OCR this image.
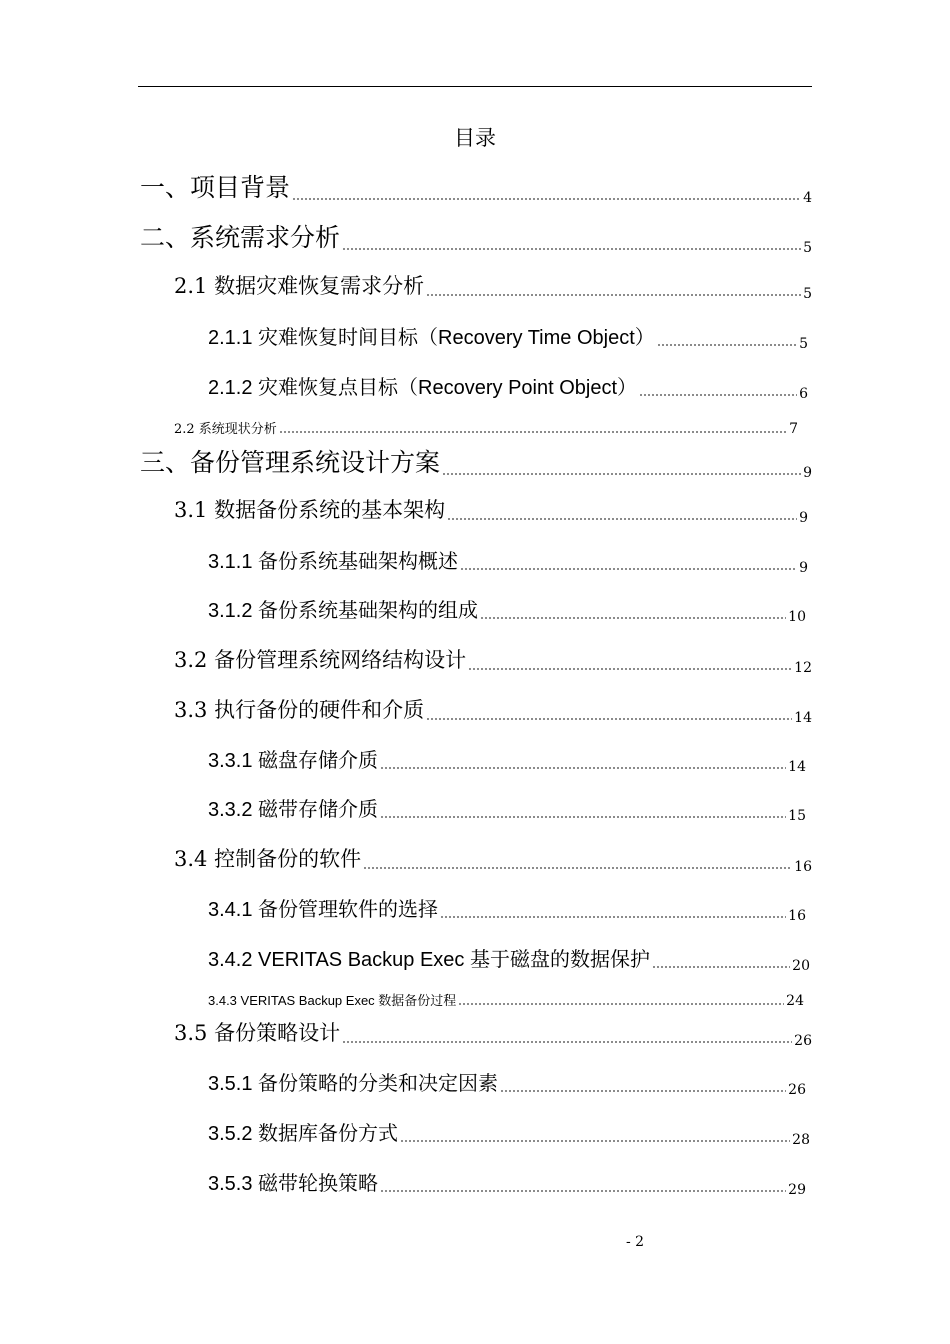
目录
一、项目背景	4
二、系统需求分析	5
2.1 数据灾难恢复需求分析	5
2.1.1 灾难恢复时间目标（Recovery Time Object）	5
2.1.2 灾难恢复点目标（Recovery Point Object）	6
2.2 系统现状分析	7
三、备份管理系统设计方案	9
3.1 数据备份系统的基本架构	9
3.1.1 备份系统基础架构概述	9
3.1.2 备份系统基础架构的组成	10
3.2 备份管理系统网络结构设计	12
3.3 执行备份的硬件和介质	14
3.3.1 磁盘存储介质	14
3.3.2 磁带存储介质	15
3.4 控制备份的软件	16
3.4.1 备份管理软件的选择	16
3.4.2 VERITAS Backup Exec 基于磁盘的数据保护	20
3.4.3 VERITAS Backup Exec 数据备份过程	24
3.5 备份策略设计	26
3.5.1 备份策略的分类和决定因素	26
3.5.2 数据库备份方式	28
3.5.3 磁带轮换策略	29
- 2
